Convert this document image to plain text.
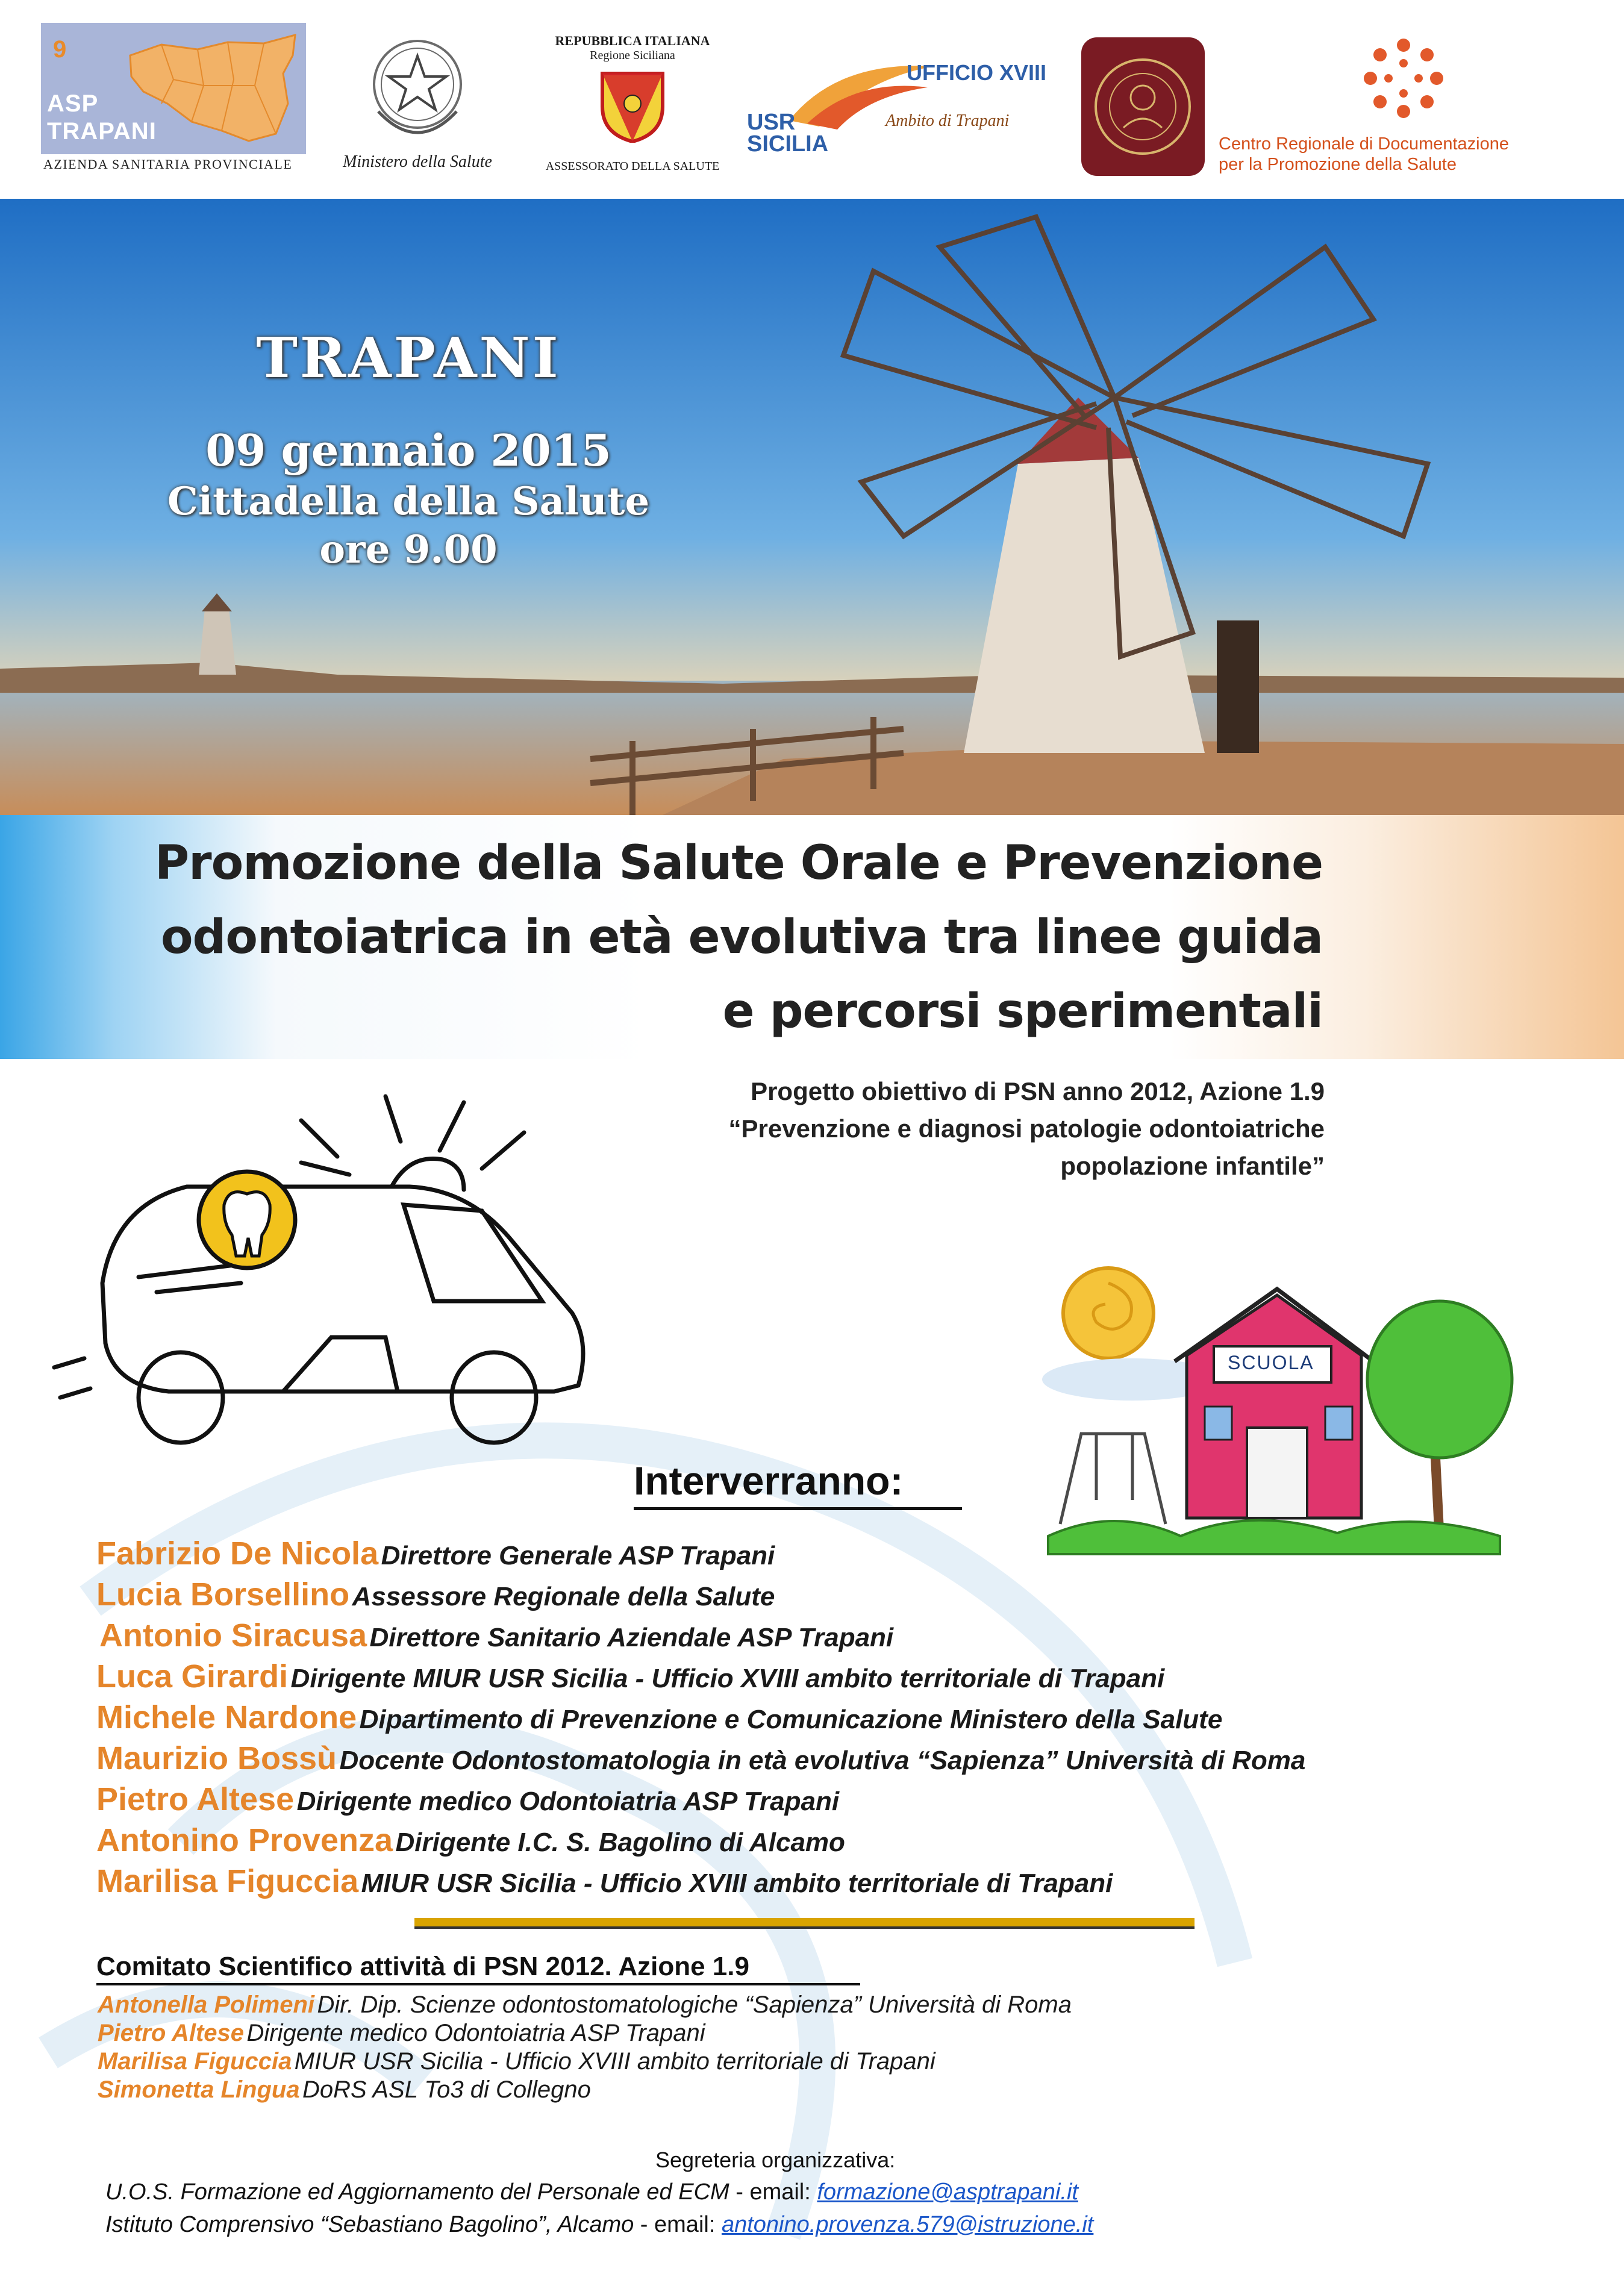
9
ASP
TRAPANI
AZIENDA SANITARIA PROVINCIALE	Ministero della Salute
REPUBBLICA ITALIANA
Regione Siciliana
ASSESSORATO DELLA SALUTE
USR
SICILIA
UFFICIO XVIII
Ambito di Trapani
Centro Regionale di Documentazione
per la Promozione della Salute
TRAPANI
09 gennaio 2015
Cittadella della Salute
ore 9.00
Promozione della Salute Orale e Prevenzione
odontoiatrica in età evolutiva tra linee guida
e percorsi sperimentali
Progetto obiettivo di PSN anno 2012, Azione 1.9
“Prevenzione e diagnosi patologie odontoiatriche
popolazione infantile”
SCUOLA
Interverranno:
Fabrizio De Nicola Direttore Generale ASP Trapani
Lucia Borsellino Assessore Regionale della Salute
Antonio Siracusa Direttore Sanitario Aziendale ASP Trapani
Luca Girardi Dirigente MIUR USR Sicilia - Ufficio XVIII ambito territoriale di Trapani
Michele Nardone Dipartimento di Prevenzione e Comunicazione Ministero della Salute
Maurizio Bossù Docente Odontostomatologia in età evolutiva “Sapienza” Università di Roma
Pietro Altese Dirigente medico Odontoiatria ASP Trapani
Antonino Provenza Dirigente I.C. S. Bagolino di Alcamo
Marilisa Figuccia MIUR USR Sicilia - Ufficio XVIII ambito territoriale di Trapani
Comitato Scientifico attività di PSN 2012. Azione 1.9
Antonella Polimeni Dir. Dip. Scienze odontostomatologiche “Sapienza” Università di Roma
Pietro Altese Dirigente medico Odontoiatria ASP Trapani
Marilisa Figuccia MIUR USR Sicilia - Ufficio XVIII ambito territoriale di Trapani
Simonetta Lingua DoRS ASL To3 di Collegno
Segreteria organizzativa:
U.O.S. Formazione ed Aggiornamento del Personale ed ECM - email: formazione@asptrapani.it
Istituto Comprensivo “Sebastiano Bagolino”, Alcamo - email: antonino.provenza.579@istruzione.it
